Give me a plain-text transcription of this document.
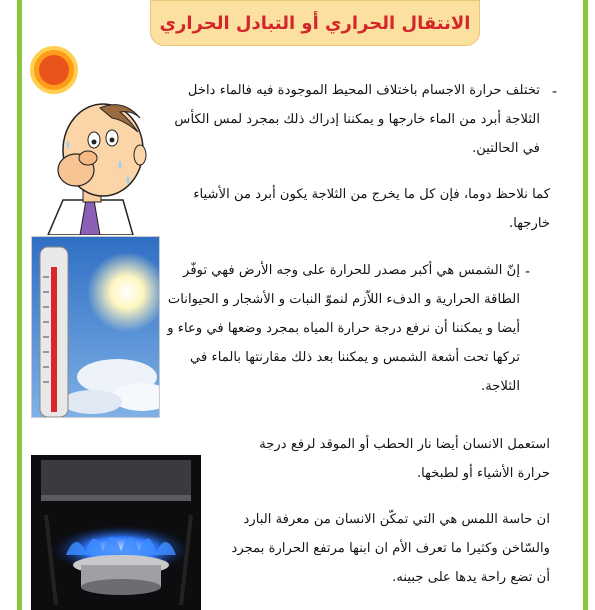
الانتقال الحراري أو التبادل الحراري
-

تختلف حرارة الاجسام باختلاف المحيط الموجودة فيه فالماء داخل الثلاجة أبرد من الماء خارجها و يمكننا إدراك ذلك بمجرد لمس الكأس في الحالتين.

كما نلاحظ دوما، فإن كل ما يخرج من الثلاجة يكون أبرد من الأشياء خارجها.

-

إنّ الشمس هي أكبر مصدر للحرارة على وجه الأرض فهي توفّر الطاقة الحرارية و الدفء اللاّزم لنموّ النبات و الأشجار و الحيوانات أيضا و يمكننا أن نرفع درجة حرارة المياه بمجرد وضعها في وعاء و تركها تحت أشعة الشمس و يمكننا بعد ذلك مقارنتها بالماء في الثلاجة.

استعمل الانسان أيضا نار الحطب أو الموقد لرفع درجة حرارة الأشياء أو لطبخها.

ان حاسة اللمس هي التي تمكّن الانسان من معرفة البارد والسّاخن وكثيرا ما تعرف الأم ان ابنها مرتفع الحرارة بمجرد أن تضع راحة يدها على جبينه.
